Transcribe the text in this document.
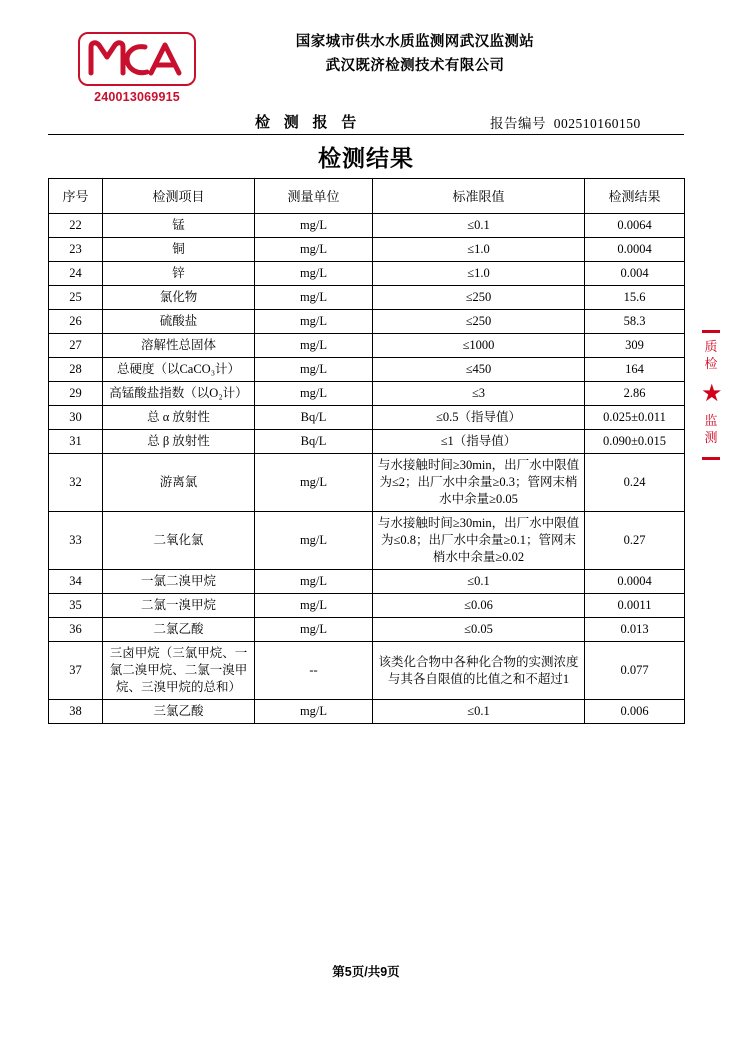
240013069915
国家城市供水水质监测网武汉监测站
武汉既济检测技术有限公司
检 测 报 告	报告编号 002510160150
检测结果
序号	检测项目	测量单位	标准限值	检测结果
22	锰	mg/L	≤0.1	0.0064
23	铜	mg/L	≤1.0	0.0004
24	锌	mg/L	≤1.0	0.004
25	氯化物	mg/L	≤250	15.6
26	硫酸盐	mg/L	≤250	58.3
27	溶解性总固体	mg/L	≤1000	309
28	总硬度（以CaCO₃计）	mg/L	≤450	164
29	高锰酸盐指数（以O₂计）	mg/L	≤3	2.86
30	总 α 放射性	Bq/L	≤0.5（指导值）	0.025±0.011
31	总 β 放射性	Bq/L	≤1（指导值）	0.090±0.015
32	游离氯	mg/L	与水接触时间≥30min，出厂水中限值为≤2；出厂水中余量≥0.3；管网末梢水中余量≥0.05	0.24
33	二氧化氯	mg/L	与水接触时间≥30min，出厂水中限值为≤0.8；出厂水中余量≥0.1；管网末梢水中余量≥0.02	0.27
34	一氯二溴甲烷	mg/L	≤0.1	0.0004
35	二氯一溴甲烷	mg/L	≤0.06	0.0011
36	二氯乙酸	mg/L	≤0.05	0.013
37	三卤甲烷（三氯甲烷、一氯二溴甲烷、二氯一溴甲烷、三溴甲烷的总和）	--	该类化合物中各种化合物的实测浓度与其各自限值的比值之和不超过1	0.077
38	三氯乙酸	mg/L	≤0.1	0.006
质检
★
监测
第5页/共9页
